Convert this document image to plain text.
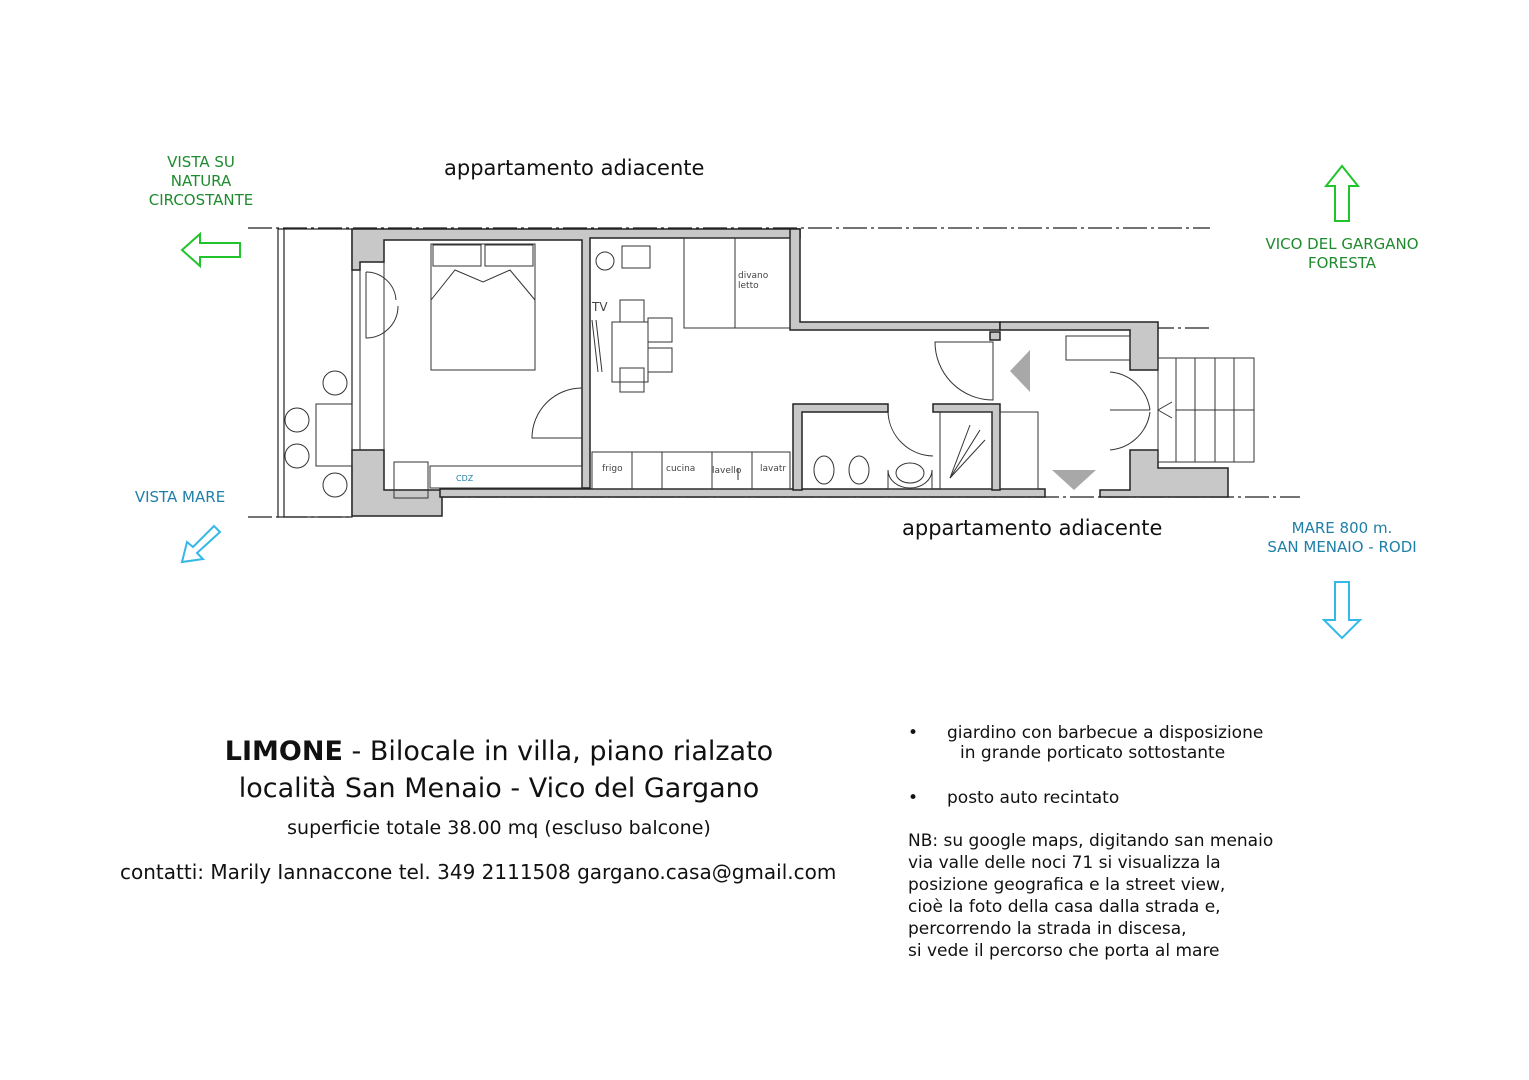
TV
divano
letto
CDZ
frigo	cucina lavello lavatr
appartamento adiacente
appartamento adiacente
VISTA SU
NATURA
CIRCOSTANTE
VISTA MARE
VICO DEL GARGANO
FORESTA
MARE 800 m.
SAN MENAIO - RODI
LIMONE - Bilocale in villa, piano rialzato
località San Menaio - Vico del Gargano
superficie totale 38.00 mq (escluso balcone)
contatti: Marily Iannaccone tel. 349 2111508 gargano.casa@gmail.com
• giardino con barbecue a disposizione
in grande porticato sottostante
• posto auto recintato
NB: su google maps, digitando san menaio
via valle delle noci 71 si visualizza la
posizione geografica e la street view,
cioè la foto della casa dalla strada e,
percorrendo la strada in discesa,
si vede il percorso che porta al mare
